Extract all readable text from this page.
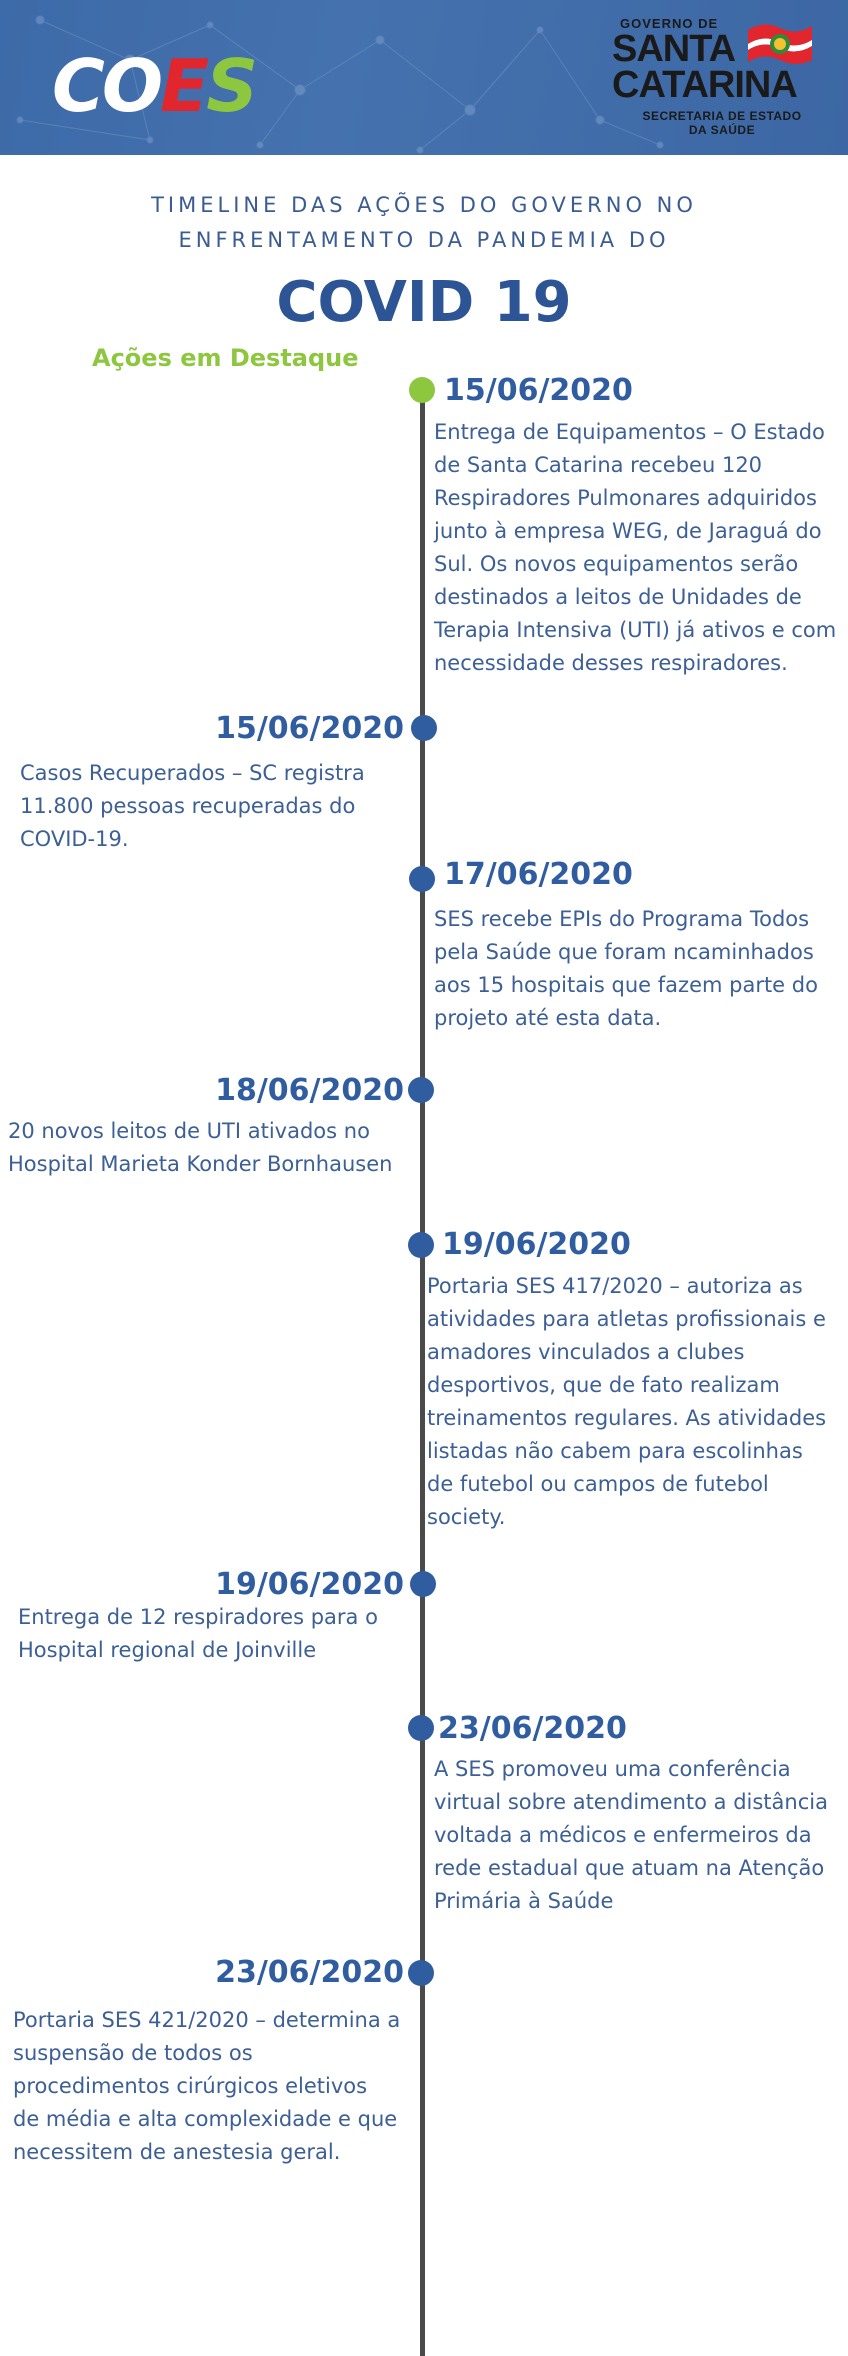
COES
GOVERNO DE
SANTA
CATARINA
SECRETARIA DE ESTADO
DA SAÚDE
TIMELINE DAS AÇÕES DO GOVERNO NO
ENFRENTAMENTO DA PANDEMIA DO
COVID 19
Ações em Destaque
15/06/2020
Entrega de Equipamentos – O Estado
de Santa Catarina recebeu 120
Respiradores Pulmonares adquiridos
junto à empresa WEG, de Jaraguá do
Sul. Os novos equipamentos serão
destinados a leitos de Unidades de
Terapia Intensiva (UTI) já ativos e com
necessidade desses respiradores.
15/06/2020
Casos Recuperados – SC registra
11.800 pessoas recuperadas do
COVID-19.
17/06/2020
SES recebe EPIs do Programa Todos
pela Saúde que foram ncaminhados
aos 15 hospitais que fazem parte do
projeto até esta data.
18/06/2020
20 novos leitos de UTI ativados no
Hospital Marieta Konder Bornhausen
19/06/2020
Portaria SES 417/2020 – autoriza as
atividades para atletas profissionais e
amadores vinculados a clubes
desportivos, que de fato realizam
treinamentos regulares. As atividades
listadas não cabem para escolinhas
de futebol ou campos de futebol
society.
19/06/2020
Entrega de 12 respiradores para o
Hospital regional de Joinville
23/06/2020
A SES promoveu uma conferência
virtual sobre atendimento a distância
voltada a médicos e enfermeiros da
rede estadual que atuam na Atenção
Primária à Saúde
23/06/2020
Portaria SES 421/2020 – determina a
suspensão de todos os
procedimentos cirúrgicos eletivos
de média e alta complexidade e que
necessitem de anestesia geral.
